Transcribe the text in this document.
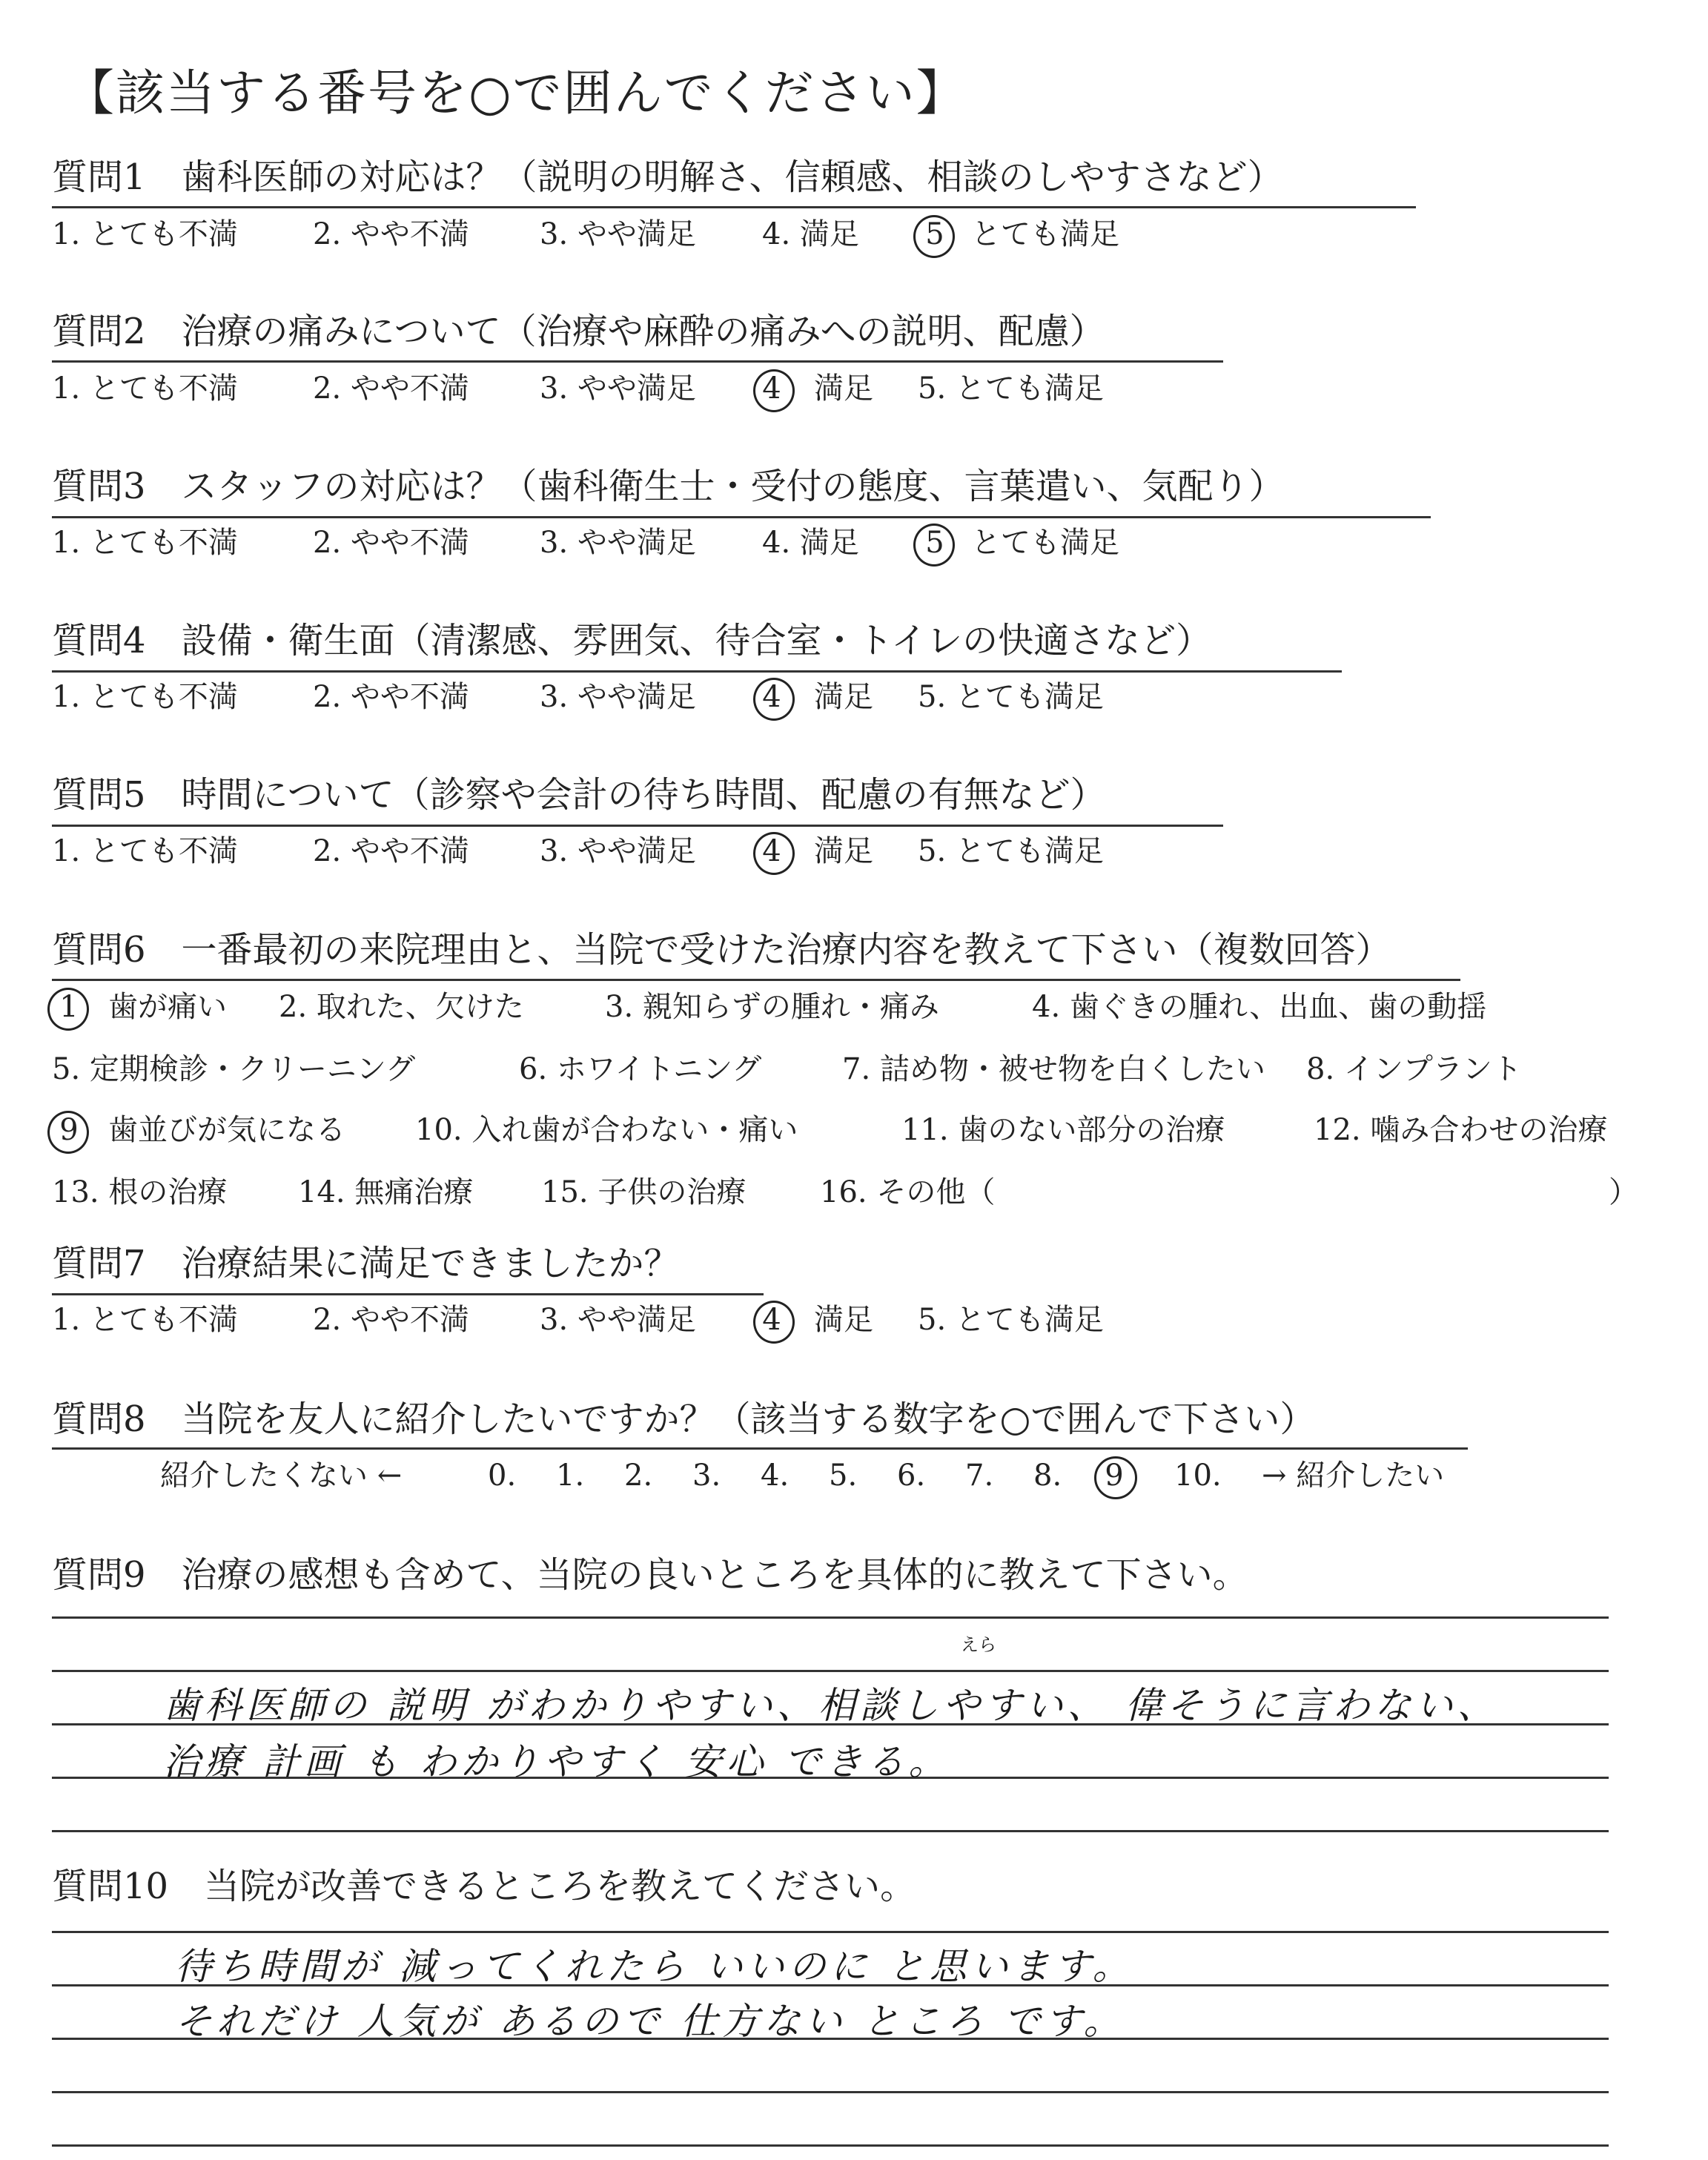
【該当する番号を○で囲んでください】
質問1　歯科医師の対応は？（説明の明解さ、信頼感、相談のしやすさなど）
1. とても不満	2. やや不満 3. やや満足 4. 満足 5 とても満足
質問2　治療の痛みについて（治療や麻酔の痛みへの説明、配慮）
1. とても不満	2. やや不満 3. やや満足 4 満足 5. とても満足
質問3　スタッフの対応は？（歯科衛生士・受付の態度、言葉遣い、気配り）
1. とても不満	2. やや不満 3. やや満足 4. 満足 5 とても満足
質問4　設備・衛生面（清潔感、雰囲気、待合室・トイレの快適さなど）
1. とても不満	2. やや不満 3. やや満足 4 満足 5. とても満足
質問5　時間について（診察や会計の待ち時間、配慮の有無など）
1. とても不満	2. やや不満 3. やや満足 4 満足 5. とても満足
質問6　一番最初の来院理由と、当院で受けた治療内容を教えて下さい（複数回答）
1 歯が痛い 2. 取れた、欠けた	3. 親知らずの腫れ・痛み	4. 歯ぐきの腫れ、出血、歯の動揺
5. 定期検診・クリーニング	6. ホワイトニング	7. 詰め物・被せ物を白くしたい 8. インプラント
9 歯並びが気になる 10. 入れ歯が合わない・痛い	11. 歯のない部分の治療	12. 噛み合わせの治療
13. 根の治療 14. 無痛治療 15. 子供の治療 16. その他（	）
質問7　治療結果に満足できましたか？
1. とても不満	2. やや不満 3. やや満足 4 満足 5. とても満足
質問8　当院を友人に紹介したいですか？（該当する数字を○で囲んで下さい）
紹介したくない ←	0. 1. 2. 3. 4. 5. 6. 7. 8. 9 10. → 紹介したい
質問9　治療の感想も含めて、当院の良いところを具体的に教えて下さい。
えら
歯科医師の 説明 がわかりやすい、相談しやすい、 偉そうに言わない、
治療 計画 も わかりやすく 安心 できる。
質問10　当院が改善できるところを教えてください。
待ち時間が 減ってくれたら いいのに と思います。
それだけ 人気が あるので 仕方ない ところ です。
